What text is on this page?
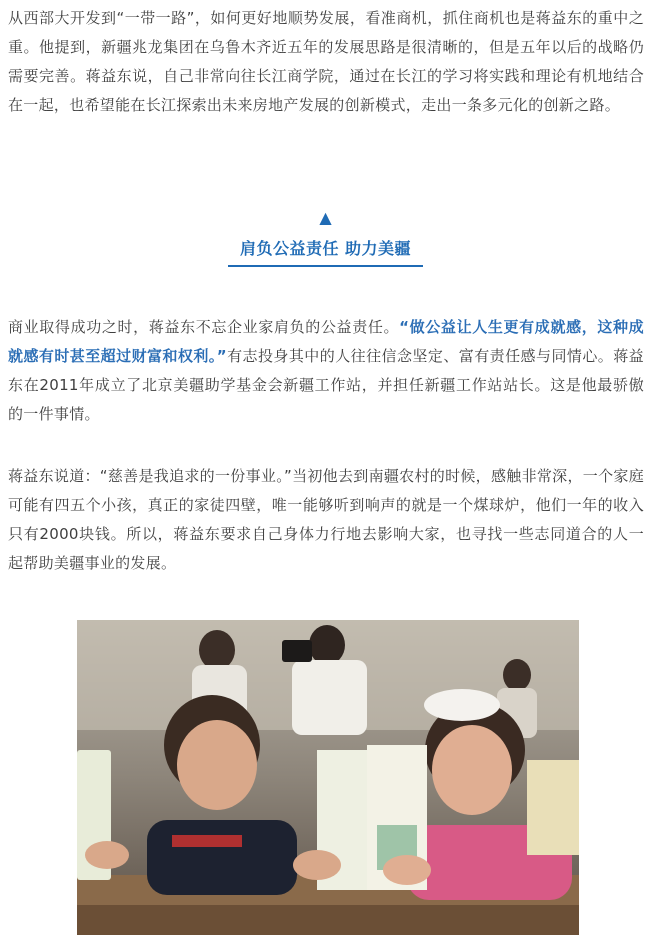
从西部大开发到“一带一路”，如何更好地顺势发展，看准商机，抓住商机也是蒋益东的重中之重。他提到，新疆兆龙集团在乌鲁木齐近五年的发展思路是很清晰的，但是五年以后的战略仍需要完善。蒋益东说，自己非常向往长江商学院，通过在长江的学习将实践和理论有机地结合在一起，也希望能在长江探索出未来房地产发展的创新模式，走出一条多元化的创新之路。

▲
肩负公益责任 助力美疆

商业取得成功之时，蒋益东不忘企业家肩负的公益责任。“做公益让人生更有成就感，这种成就感有时甚至超过财富和权利。”有志投身其中的人往往信念坚定、富有责任感与同情心。蒋益东在2011年成立了北京美疆助学基金会新疆工作站，并担任新疆工作站站长。这是他最骄傲的一件事情。

蒋益东说道：“慈善是我追求的一份事业。”当初他去到南疆农村的时候，感触非常深，一个家庭可能有四五个小孩，真正的家徒四壁，唯一能够听到响声的就是一个煤球炉，他们一年的收入只有2000块钱。所以，蒋益东要求自己身体力行地去影响大家，也寻找一些志同道合的人一起帮助美疆事业的发展。
